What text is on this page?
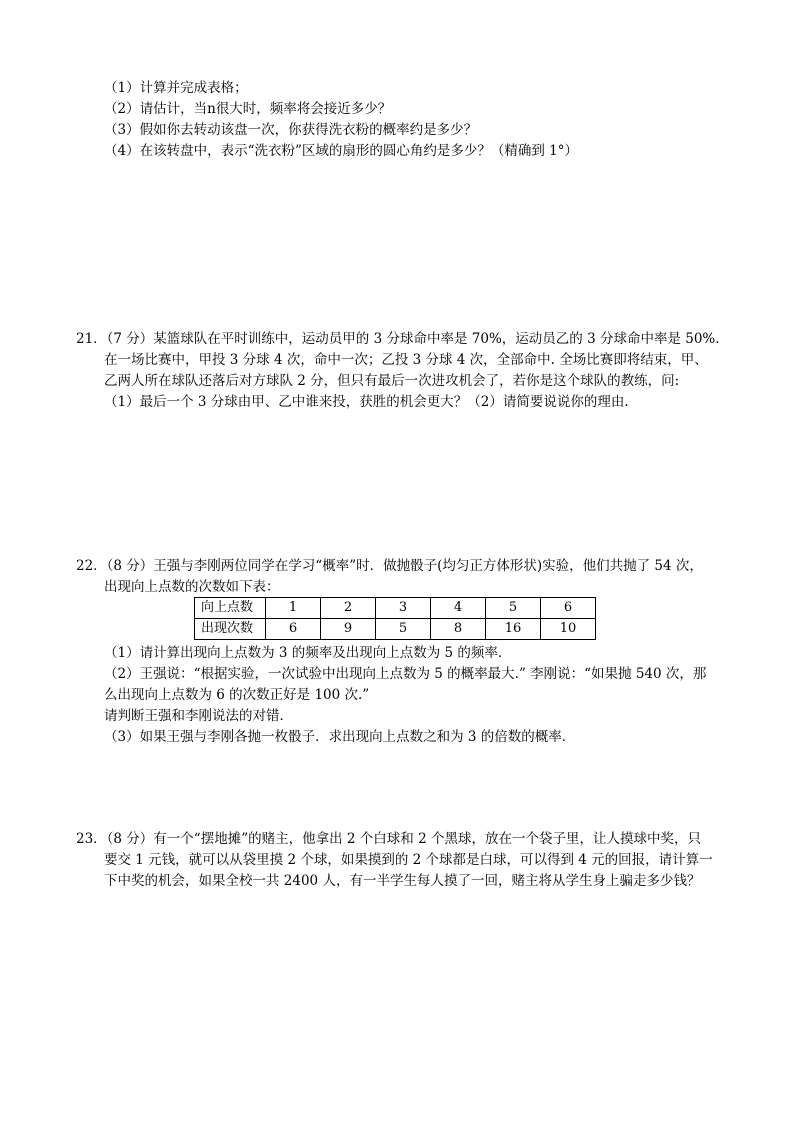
（1）计算并完成表格；
（2）请估计，当n很大时，频率将会接近多少？
（3）假如你去转动该盘一次，你获得洗衣粉的概率约是多少？
（4）在该转盘中，表示“洗衣粉”区域的扇形的圆心角约是多少？（精确到 1°）
21．（7 分）某篮球队在平时训练中，运动员甲的 3 分球命中率是 70%，运动员乙的 3 分球命中率是 50%.
在一场比赛中，甲投 3 分球 4 次，命中一次；乙投 3 分球 4 次，全部命中. 全场比赛即将结束，甲、
乙两人所在球队还落后对方球队 2 分，但只有最后一次进攻机会了，若你是这个球队的教练，问:
（1）最后一个 3 分球由甲、乙中谁来投，获胜的机会更大？（2）请简要说说你的理由.
22．（8 分）王强与李刚两位同学在学习“概率”时．做抛骰子(均匀正方体形状)实验，他们共抛了 54 次，
出现向上点数的次数如下表：
向上点数	1	2	3	4	5	6
出现次数	6	9	5	8	16	10
（1）请计算出现向上点数为 3 的频率及出现向上点数为 5 的频率．
（2）王强说：“根据实验，一次试验中出现向上点数为 5 的概率最大.” 李刚说：“如果抛 540 次，那
么出现向上点数为 6 的次数正好是 100 次.”
请判断王强和李刚说法的对错．
（3）如果王强与李刚各抛一枚骰子．求出现向上点数之和为 3 的倍数的概率．
23．（8 分）有一个“摆地摊”的赌主，他拿出 2 个白球和 2 个黑球，放在一个袋子里，让人摸球中奖，只
要交 1 元钱，就可以从袋里摸 2 个球，如果摸到的 2 个球都是白球，可以得到 4 元的回报，请计算一
下中奖的机会，如果全校一共 2400 人，有一半学生每人摸了一回，赌主将从学生身上骗走多少钱？
